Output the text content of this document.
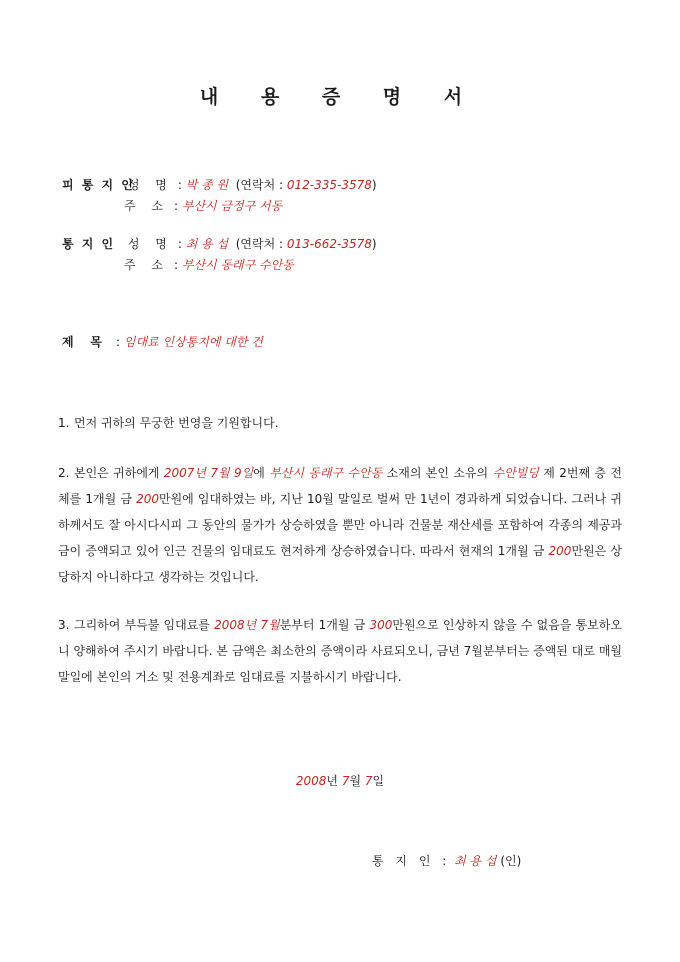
내 용 증 명 서
피 통 지 인 성 명 : 박 종 원 (연락처 : 012-335-3578)
주 소 : 부산시 금정구 서동
통 지 인 성 명 : 최 용 섭 (연락처 : 013-662-3578)
주 소 : 부산시 동래구 수안동
제    목 : 임대료 인상통지에 대한 건
1. 먼저 귀하의 무궁한 번영을 기원합니다.
2. 본인은 귀하에게 2007년 7월 9일에 부산시 동래구 수안동 소재의 본인 소유의 수안빌딩 제 2번째 층 전체를 1개월 금 200만원에 임대하였는 바, 지난 10월 말일로 벌써 만 1년이 경과하게 되었습니다. 그러나 귀하께서도 잘 아시다시피 그 동안의 물가가 상승하였을 뿐만 아니라 건물분 재산세를 포함하여 각종의 제공과금이 증액되고 있어 인근 건물의 임대료도 현저하게 상승하였습니다. 따라서 현재의 1개월 금 200만원은 상당하지 아니하다고 생각하는 것입니다.
3. 그리하여 부득불 임대료를 2008년 7월분부터 1개월 금 300만원으로 인상하지 않을 수 없음을 통보하오니 양해하여 주시기 바랍니다. 본 금액은 최소한의 증액이라 사료되오니, 금년 7월분부터는 증액된 대로 매월 말일에 본인의 거소 및 전용계좌로 임대료를 지불하시기 바랍니다.
2008년 7월 7일
통 지 인 : 최 용 섭 (인)
